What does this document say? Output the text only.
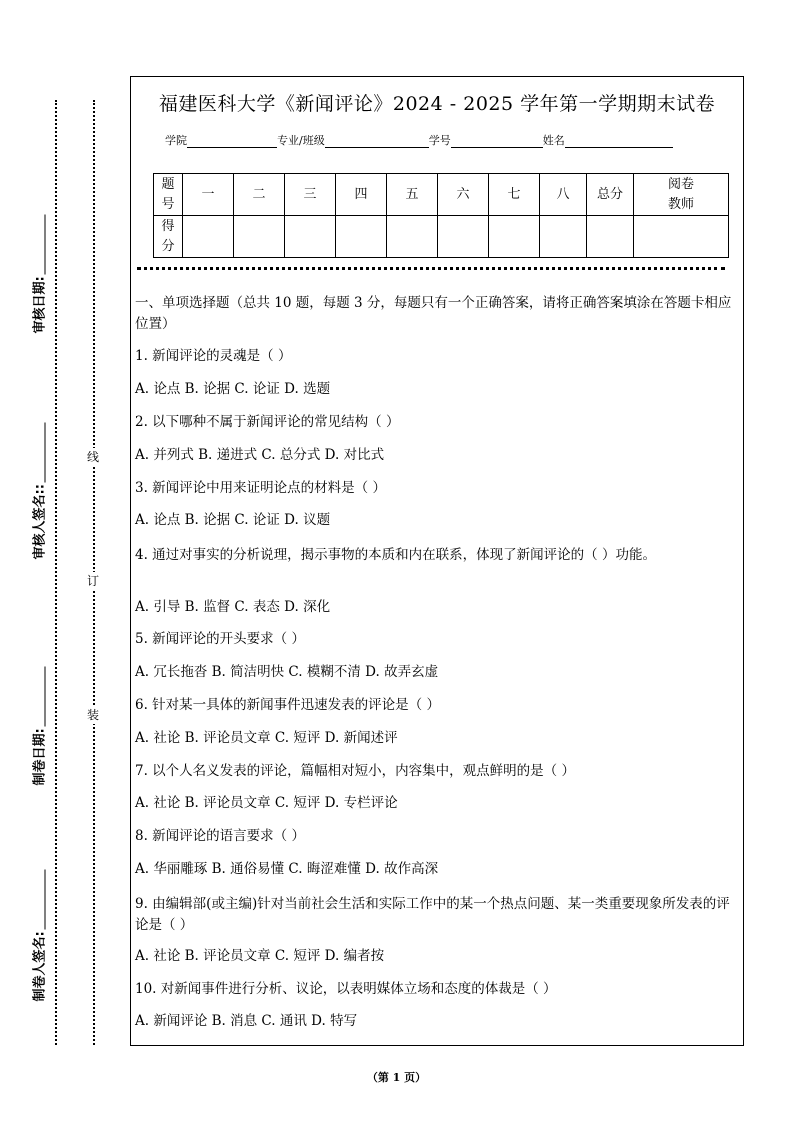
审核日期:
审核人签名::
制卷日期:
制卷人签名:
线
订
装
福建医科大学《新闻评论》2024 - 2025 学年第一学期期末试卷
学院	专业/班级	学号	姓名
题号	一	二	三	四	五	六	七	八	总分	阅卷教师
得分										
一、单项选择题（总共 10 题，每题 3 分，每题只有一个正确答案，请将正确答案填涂在答题卡相应位置）
1. 新闻评论的灵魂是（ ）
A. 论点 B. 论据 C. 论证 D. 选题
2. 以下哪种不属于新闻评论的常见结构（ ）
A. 并列式 B. 递进式 C. 总分式 D. 对比式
3. 新闻评论中用来证明论点的材料是（ ）
A. 论点 B. 论据 C. 论证 D. 议题
4. 通过对事实的分析说理，揭示事物的本质和内在联系，体现了新闻评论的（ ）功能。
A. 引导 B. 监督 C. 表态 D. 深化
5. 新闻评论的开头要求（ ）
A. 冗长拖沓 B. 简洁明快 C. 模糊不清 D. 故弄玄虚
6. 针对某一具体的新闻事件迅速发表的评论是（ ）
A. 社论 B. 评论员文章 C. 短评 D. 新闻述评
7. 以个人名义发表的评论，篇幅相对短小，内容集中，观点鲜明的是（ ）
A. 社论 B. 评论员文章 C. 短评 D. 专栏评论
8. 新闻评论的语言要求（ ）
A. 华丽雕琢 B. 通俗易懂 C. 晦涩难懂 D. 故作高深
9. 由编辑部(或主编)针对当前社会生活和实际工作中的某一个热点问题、某一类重要现象所发表的评论是（ ）
A. 社论 B. 评论员文章 C. 短评 D. 编者按
10. 对新闻事件进行分析、议论，以表明媒体立场和态度的体裁是（ ）
A. 新闻评论 B. 消息 C. 通讯 D. 特写
（第 1 页）
